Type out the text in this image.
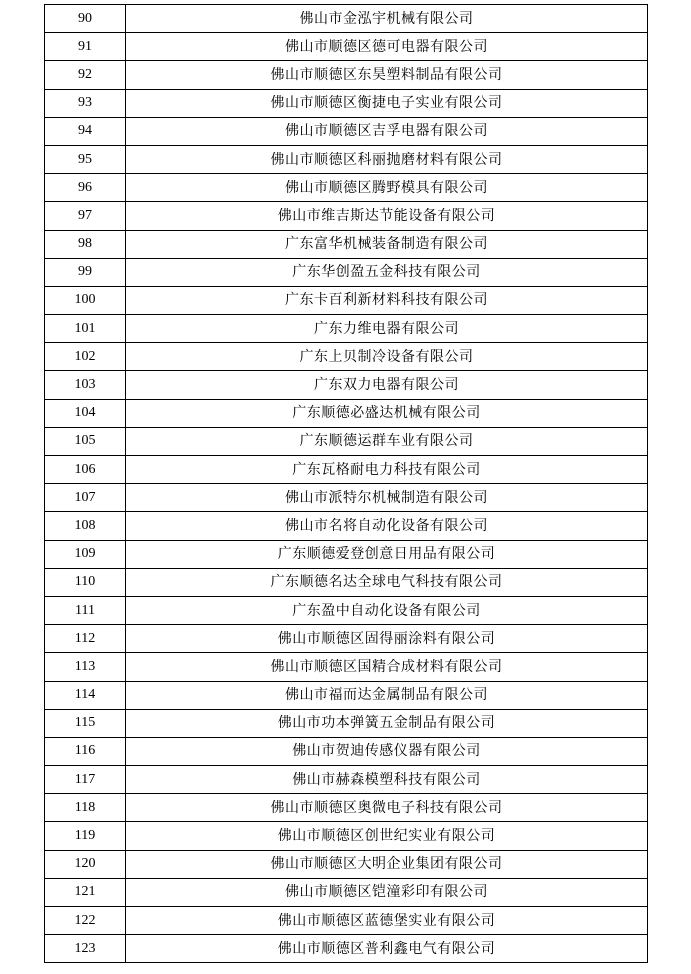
90	佛山市金泓宇机械有限公司
91	佛山市顺德区德可电器有限公司
92	佛山市顺德区东昊塑料制品有限公司
93	佛山市顺德区衡捷电子实业有限公司
94	佛山市顺德区吉孚电器有限公司
95	佛山市顺德区科丽抛磨材料有限公司
96	佛山市顺德区腾野模具有限公司
97	佛山市维吉斯达节能设备有限公司
98	广东富华机械装备制造有限公司
99	广东华创盈五金科技有限公司
100	广东卡百利新材料科技有限公司
101	广东力维电器有限公司
102	广东上贝制冷设备有限公司
103	广东双力电器有限公司
104	广东顺德必盛达机械有限公司
105	广东顺德运群车业有限公司
106	广东瓦格耐电力科技有限公司
107	佛山市派特尔机械制造有限公司
108	佛山市名将自动化设备有限公司
109	广东顺德爱登创意日用品有限公司
110	广东顺德名达全球电气科技有限公司
111	广东盈中自动化设备有限公司
112	佛山市顺德区固得丽涂料有限公司
113	佛山市顺德区国精合成材料有限公司
114	佛山市福而达金属制品有限公司
115	佛山市功本弹簧五金制品有限公司
116	佛山市贺迪传感仪器有限公司
117	佛山市赫森模塑科技有限公司
118	佛山市顺德区奥微电子科技有限公司
119	佛山市顺德区创世纪实业有限公司
120	佛山市顺德区大明企业集团有限公司
121	佛山市顺德区铠潼彩印有限公司
122	佛山市顺德区蓝德堡实业有限公司
123	佛山市顺德区普利鑫电气有限公司
